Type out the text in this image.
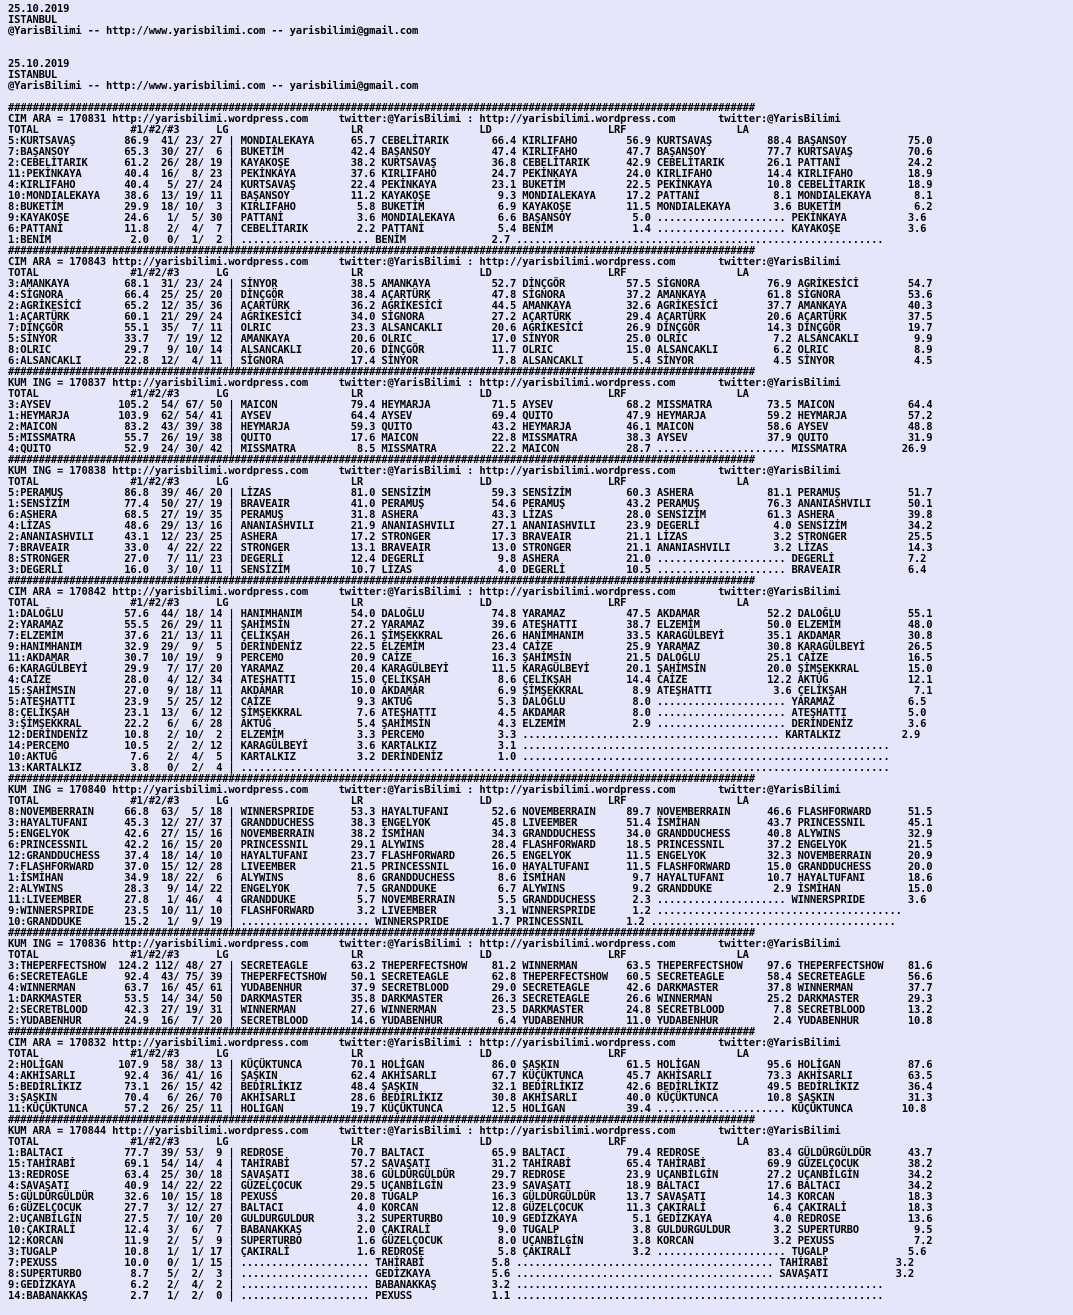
25.10.2019
ISTANBUL
@YarisBilimi -- http://www.yarisbilimi.com -- yarisbilimi@gmail.com

25.10.2019
ISTANBUL
@YarisBilimi -- http://www.yarisbilimi.com -- yarisbilimi@gmail.com

##########################################################################################################################
CIM ARA = 170831 http://yarisbilimi.wordpress.com     twitter:@YarisBilimi : http://yarisbilimi.wordpress.com       twitter:@YarisBilimi
TOTAL               #1/#2/#3      LG                    LR                   LD                   LRF                  LA
5:KURTSAVAŞ        86.9  41/ 23/ 27 | MONDIALEKAYA      65.7 CEBELİTARIK       66.4 KIRLIFAHO        56.9 KURTSAVAŞ         88.4 BAŞANSOY          75.0
7:BAŞANSOY         65.3  30/ 27/  6 | BUKETİM           42.4 BAŞANSOY          47.4 KIRLIFAHO        47.7 BAŞANSOY          77.7 KURTSAVAŞ         70.6
2:CEBELİTARIK      61.2  26/ 28/ 19 | KAYAKOŞE          38.2 KURTSAVAŞ         36.8 CEBELİTARIK      42.9 CEBELİTARIK       26.1 PATTANİ           24.2
11:PEKİNKAYA       40.4  16/  8/ 23 | PEKİNKAYA         37.6 KIRLIFAHO         24.7 PEKİNKAYA        24.0 KIRLIFAHO         14.4 KIRLIFAHO         18.9
4:KIRLIFAHO        40.4   5/ 27/ 24 | KURTSAVAŞ         22.4 PEKİNKAYA         23.1 BUKETİM          22.5 PEKİNKAYA         10.8 CEBELİTARIK       18.9
10:MONDIALEKAYA    38.6  13/ 19/ 11 | BAŞANSOY          11.2 KAYAKOŞE           9.3 MONDIALEKAYA     17.2 PATTANİ            8.1 MONDIALEKAYA       8.1
8:BUKETİM          29.9  18/ 10/  3 | KIRLIFAHO          5.8 BUKETİM            6.9 KAYAKOŞE         11.5 MONDIALEKAYA       3.6 BUKETİM            6.2
9:KAYAKOŞE         24.6   1/  5/ 30 | PATTANİ            3.6 MONDIALEKAYA       6.6 BAŞANSOY          5.0 ..................... PEKİNKAYA          3.6
6:PATTANİ          11.8   2/  4/  7 | CEBELİTARIK        2.2 PATTANİ            5.4 BENİM             1.4 ..................... KAYAKOŞE           3.6
1:BENİM             2.0   0/  1/  2 | ..................... BENİM              2.7 ............................................................
##########################################################################################################################
CIM ARA = 170843 http://yarisbilimi.wordpress.com     twitter:@YarisBilimi : http://yarisbilimi.wordpress.com       twitter:@YarisBilimi
TOTAL               #1/#2/#3      LG                    LR                   LD                   LRF                  LA
3:AMANKAYA         68.1  31/ 23/ 24 | SİNYOR            38.5 AMANKAYA          52.7 DİNÇGÖR          57.5 SİGNORA           76.9 AGRİKESİCİ        54.7
4:SİGNORA          66.4  25/ 25/ 20 | DİNÇGÖR           38.4 AÇARTÜRK          47.8 SİGNORA          37.2 AMANKAYA          61.8 SİGNORA           53.6
2:AGRİKESİCİ       65.2  12/ 35/ 36 | AÇARTÜRK          36.2 AGRİKESİCİ        44.5 AMANKAYA         32.6 AGRİKESİCİ        37.7 AMANKAYA          40.3
1:AÇARTÜRK         60.1  21/ 29/ 24 | AGRİKESİCİ        34.0 SİGNORA           27.2 AÇARTÜRK         29.4 AÇARTÜRK          20.6 AÇARTÜRK          37.5
7:DİNÇGÖR          55.1  35/  7/ 11 | OLRIC             23.3 ALSANCAKLI        20.6 AGRİKESİCİ       26.9 DİNÇGÖR           14.3 DİNÇGÖR           19.7
5:SİNYOR           33.7   7/ 19/ 12 | AMANKAYA          20.6 OLRIC             17.0 SİNYOR           25.0 OLRIC              7.2 ALSANCAKLI         9.9
8:OLRIC            29.7   9/ 10/ 14 | ALSANCAKLI        20.6 DİNÇGÖR           11.7 OLRIC            15.0 ALSANCAKLI         6.2 OLRIC              8.9
6:ALSANCAKLI       22.8  12/  4/ 11 | SİGNORA           17.4 SİNYOR             7.8 ALSANCAKLI        5.4 SİNYOR             4.5 SİNYOR             4.5
##########################################################################################################################
KUM ING = 170837 http://yarisbilimi.wordpress.com     twitter:@YarisBilimi : http://yarisbilimi.wordpress.com       twitter:@YarisBilimi
TOTAL               #1/#2/#3      LG                    LR                   LD                   LRF                  LA
3:AYSEV           105.2  54/ 67/ 50 | MAICON            79.4 HEYMARJA          71.5 AYSEV            68.2 MISSMATRA         73.5 MAICON            64.4
1:HEYMARJA        103.9  62/ 54/ 41 | AYSEV             64.4 AYSEV             69.4 QUITO            47.9 HEYMARJA          59.2 HEYMARJA          57.2
2:MAICON           83.2  43/ 39/ 38 | HEYMARJA          59.3 QUITO             43.2 HEYMARJA         46.1 MAICON            58.6 AYSEV             48.8
5:MISSMATRA        55.7  26/ 19/ 38 | QUITO             17.6 MAICON            22.8 MISSMATRA        38.3 AYSEV             37.9 QUITO             31.9
4:QUITO            52.9  24/ 30/ 42 | MISSMATRA          8.5 MISSMATRA         22.2 MAICON           28.7 ..................... MISSMATRA         26.9
##########################################################################################################################
KUM ING = 170838 http://yarisbilimi.wordpress.com     twitter:@YarisBilimi : http://yarisbilimi.wordpress.com       twitter:@YarisBilimi
TOTAL               #1/#2/#3      LG                    LR                   LD                   LRF                  LA
5:PERAMUŞ          86.8  39/ 46/ 20 | LİZAS             81.0 SENSİZİM          59.3 SENSİZİM         60.3 ASHERA            81.1 PERAMUŞ           51.7
1:SENSİZİM         77.4  50/ 27/ 19 | BRAVEAIR          41.0 PERAMUŞ           54.6 PERAMUŞ          43.2 PERAMUŞ           76.3 ANANIASHVILI      50.1
6:ASHERA           68.5  27/ 19/ 35 | PERAMUŞ           31.8 ASHERA            43.3 LİZAS            28.0 SENSİZİM          61.3 ASHERA            39.8
4:LİZAS            48.6  29/ 13/ 16 | ANANIASHVILI      21.9 ANANIASHVILI      27.1 ANANIASHVILI     23.9 DEGERLİ            4.0 SENSİZİM          34.2
2:ANANIASHVILI     43.1  12/ 23/ 25 | ASHERA            17.2 STRONGER          17.3 BRAVEAIR         21.1 LİZAS              3.2 STRONGER          25.5
7:BRAVEAIR         33.0   4/ 22/ 22 | STRONGER          13.1 BRAVEAIR          13.0 STRONGER         21.1 ANANIASHVILI       3.2 LİZAS             14.3
8:STRONGER         27.0   7/ 11/ 23 | DEGERLİ           12.4 DEGERLİ            9.8 ASHERA           21.0 ..................... DEGERLİ            7.2
3:DEGERLİ          16.0   3/ 10/ 11 | SENSİZİM          10.7 LİZAS              4.0 DEGERLİ          10.5 ..................... BRAVEAIR           6.4
##########################################################################################################################
CIM ARA = 170842 http://yarisbilimi.wordpress.com     twitter:@YarisBilimi : http://yarisbilimi.wordpress.com       twitter:@YarisBilimi
TOTAL               #1/#2/#3      LG                    LR                   LD                   LRF                  LA
1:DALOĞLU          57.6  44/ 18/ 14 | HANIMHANIM        54.0 DALOĞLU           74.8 YARAMAZ          47.5 AKDAMAR           52.2 DALOĞLU           55.1
2:YARAMAZ          55.5  26/ 29/ 11 | ŞAHİMSİN          27.2 YARAMAZ           39.6 ATEŞHATTI        38.7 ELZEMİM           50.0 ELZEMİM           48.0
7:ELZEMİM          37.6  21/ 13/ 11 | ÇELİKŞAH          26.1 ŞİMŞEKKRAL        26.6 HANİMHANIM       33.5 KARAGÜLBEYİ       35.1 AKDAMAR           30.8
9:HANIMHANIM       32.9  29/  9/  5 | DERİNDENİZ        22.5 ELZEMİM           23.4 CAİZE            25.9 YARAMAZ           30.8 KARAGÜLBEYİ       26.5
11:AKDAMAR         30.7  10/ 19/  9 | PERCEMO           20.9 CAİZE             16.3 ŞAHİMSİN         21.5 DALOĞLU           25.1 CAİZE             16.5
6:KARAGÜLBEYİ      29.9   7/ 17/ 20 | YARAMAZ           20.4 KARAGÜLBEYİ       11.5 KARAGÜLBEYİ      20.1 ŞAHİMSİN          20.0 ŞİMŞEKKRAL        15.0
4:CAİZE            28.0   4/ 12/ 34 | ATEŞHATTI         15.0 ÇELİKŞAH           8.6 ÇELİKŞAH         14.4 CAİZE             12.2 AKTUĞ             12.1
15:ŞAHİMSIN        27.0   9/ 18/ 11 | AKDAMAR           10.0 AKDAMAR            6.9 ŞİMŞEKKRAL        8.9 ATEŞHATTI          3.6 ÇELİKŞAH           7.1
5:ATEŞHATTI        23.9   5/ 25/ 12 | CAİZE              9.3 AKTUĞ              5.3 DALOĞLU           8.0 ..................... YARAMAZ            6.5
8:ÇELİKŞAH         23.1  13/  6/ 12 | ŞİMŞEKKRAL         7.6 ATEŞHATTI          4.5 AKDAMAR           8.0 ..................... ATEŞHATTI          5.0
3:ŞİMŞEKKRAL       22.2   6/  6/ 28 | AKTUĞ              5.4 ŞAHİMSİN           4.3 ELZEMİM           2.9 ..................... DERİNDENİZ         3.6
12:DERİNDENİZ      10.8   2/ 10/  2 | ELZEMİM            3.3 PERCEMO            3.3 .......................................... KARTALKIZ          2.9
14:PERCEMO         10.5   2/  2/ 12 | KARAGÜLBEYİ        3.6 KARTALKIZ          3.1 ............................................................
10:AKTUĞ            7.6   2/  4/  5 | KARTALKIZ          3.2 DERİNDENİZ         1.0 ............................................................
13:KARTALKIZ        3.8   0/  2/  4 | ..........................................................................................................
##########################################################################################################################
KUM ING = 170840 http://yarisbilimi.wordpress.com     twitter:@YarisBilimi : http://yarisbilimi.wordpress.com       twitter:@YarisBilimi
TOTAL               #1/#2/#3      LG                    LR                   LD                   LRF                  LA
8:NOVEMBERRAIN     66.8  63/  5/ 18 | WINNERSPRIDE      53.3 HAYALTUFANI       52.6 NOVEMBERRAIN     89.7 NOVEMBERRAIN      46.6 FLASHFORWARD      51.5
3:HAYALTUFANI      45.3  12/ 27/ 37 | GRANDDUCHESS      38.3 ENGELYOK          45.8 LIVEEMBER        51.4 İSMİHAN           43.7 PRINCESSNIL       45.1
5:ENGELYOK         42.6  27/ 15/ 16 | NOVEMBERRAIN      38.2 İSMİHAN           34.3 GRANDDUCHESS     34.0 GRANDDUCHESS      40.8 ALYWINS           32.9
6:PRINCESSNIL      42.2  16/ 15/ 20 | PRINCESSNIL       29.1 ALYWINS           28.4 FLASHFORWARD     18.5 PRINCESSNIL       37.2 ENGELYOK          21.5
12:GRANDDUCHESS    37.4  18/ 14/ 10 | HAYALTUFANI       23.7 FLASHFORWARD      26.5 ENGELYOK         11.5 ENGELYOK          32.3 NOVEMBERRAIN      20.9
7:FLASHFORWARD     37.0  15/ 12/ 28 | LIVEEMBER         21.5 PRINCESSNIL       16.0 HAYALTUFANI      11.5 FLASHFORWARD      15.0 GRANDDUCHESS      20.0
1:İSMİHAN          34.9  18/ 22/  6 | ALYWINS            8.6 GRANDDUCHESS       8.6 İSMİHAN           9.7 HAYALTUFANI       10.7 HAYALTUFANI       18.6
2:ALYWINS          28.3   9/ 14/ 22 | ENGELYOK           7.5 GRANDDUKE          6.7 ALYWINS           9.2 GRANDDUKE          2.9 İSMİHAN           15.0
11:LIVEEMBER       27.8   1/ 46/  4 | GRANDDUKE          5.7 NOVEMBERRAIN       5.5 GRANDDUCHESS      2.3 ..................... WINNERSPRIDE       3.6
9:WINNERSPRIDE     23.5  10/ 11/ 10 | FLASHFORWARD       3.2 LIVEEMBER          3.1 WINNERSPRIDE      1.2 ........................................
10:GRANDDUKE       15.2   1/  9/ 19 | ..................... WINNERSPRIDE       1.7 PRINCESSNIL       1.2 ........................................
##########################################################################################################################
KUM ING = 170836 http://yarisbilimi.wordpress.com     twitter:@YarisBilimi : http://yarisbilimi.wordpress.com       twitter:@YarisBilimi
TOTAL               #1/#2/#3      LG                    LR                   LD                   LRF                  LA
3:THEPERFECTSHOW  124.2 112/ 48/ 27 | SECRETEAGLE       63.2 THEPERFECTSHOW    81.2 WINNERMAN        63.5 THEPERFECTSHOW    97.6 THEPERFECTSHOW    81.6
6:SECRETEAGLE      92.4  43/ 75/ 39 | THEPERFECTSHOW    50.1 SECRETEAGLE       62.8 THEPERFECTSHOW   60.5 SECRETEAGLE       58.4 SECRETEAGLE       56.6
4:WINNERMAN        63.7  16/ 45/ 61 | YUDABENHUR        37.9 SECRETBLOOD       29.0 SECRETEAGLE      42.6 DARKMASTER        37.8 WINNERMAN         37.7
1:DARKMASTER       53.5  14/ 34/ 50 | DARKMASTER        35.8 DARKMASTER        26.3 SECRETEAGLE      26.6 WINNERMAN         25.2 DARKMASTER        29.3
2:SECRETBLOOD      42.3  27/ 19/ 31 | WINNERMAN         27.6 WINNERMAN         23.5 DARKMASTER       24.8 SECRETBLOOD        7.8 SECRETBLOOD       13.2
5:YUDABENHUR       24.9  16/  7/ 20 | SECRETBLOOD       14.6 YUDABENHUR         6.4 YUDABENHUR       11.0 YUDABENHUR         2.4 YUDABENHUR        10.8
##########################################################################################################################
CIM ARA = 170832 http://yarisbilimi.wordpress.com     twitter:@YarisBilimi : http://yarisbilimi.wordpress.com       twitter:@YarisBilimi
TOTAL               #1/#2/#3      LG                    LR                   LD                   LRF                  LA
2:HOLİGAN         107.9  58/ 38/ 13 | KÜÇÜKTUNCA        70.1 HOLİGAN           86.0 ŞAŞKIN           61.5 HOLİGAN           95.6 HOLİGAN           87.6
4:AKHİSARLI        92.4  36/ 41/ 16 | ŞAŞKIN            62.4 AKHİSARLI         67.7 KÜÇÜKTUNCA       45.7 AKHİSARLI         73.3 AKHİSARLI         63.5
5:BEDİRLİKIZ       73.1  26/ 15/ 42 | BEDİRLİKIZ        48.4 ŞAŞKIN            32.1 BEDİRLİKIZ       42.6 BEDİRLİKIZ        49.5 BEDİRLİKIZ        36.4
3:ŞAŞKIN           70.4   6/ 26/ 70 | AKHİSARLI         28.6 BEDİRLİKIZ        30.8 AKHİSARLI        40.0 KÜÇÜKTUNCA        10.8 ŞAŞKIN            31.3
11:KÜÇÜKTUNCA      57.2  26/ 25/ 11 | HOLİGAN           19.7 KÜÇÜKTUNCA        12.5 HOLİGAN          39.4 ..................... KÜÇÜKTUNCA        10.8
##########################################################################################################################
KUM ARA = 170844 http://yarisbilimi.wordpress.com     twitter:@YarisBilimi : http://yarisbilimi.wordpress.com       twitter:@YarisBilimi
TOTAL               #1/#2/#3      LG                    LR                   LD                   LRF                  LA
1:BALTACI          77.7  39/ 53/  9 | REDROSE           70.7 BALTACI           65.9 BALTACI          79.4 REDROSE           83.4 GÜLDÜRGÜLDÜR      43.7
15:TAHİRABİ        69.1  54/ 14/  4 | TAHİRABİ          57.2 SAVAŞATI          31.2 TAHİRABİ         65.4 TAHİRABİ          69.9 GÜZELÇOCUK        38.2
13:REDROSE         63.4  25/ 30/ 18 | SAVAŞATI          38.6 GÜLDÜRGÜLDÜR      29.7 REDROSE          23.9 UÇANBİLGİN        27.2 UÇANBİLGİN        34.2
4:SAVAŞATI         40.9  14/ 22/ 22 | GÜZELÇOCUK        29.5 UÇANBİLGİN        23.9 SAVAŞATI         18.9 BALTACI           17.6 BALTACI           34.2
5:GÜLDÜRGÜLDÜR     32.6  10/ 15/ 18 | PEXUSS            20.8 TUGALP            16.3 GÜLDÜRGÜLDÜR     13.7 SAVAŞATI          14.3 KORCAN            18.3
6:GÜZELÇOCUK       27.7   3/ 12/ 27 | BALTACI            4.0 KORCAN            12.8 GÜZELÇOCUK       11.3 ÇAKIRALİ           6.4 ÇAKIRALİ          18.3
2:UÇANBİLGİN       27.5   7/ 10/ 20 | GULDURGULDUR       3.2 SUPERTURBO        10.9 GEDİZKAYA         5.1 GEDİZKAYA          4.0 REDROSE           13.6
10:ÇAKIRALİ        12.4   3/  6/  7 | BABANAKKAŞ         2.0 ÇAKIRALİ           9.0 TUGALP            3.8 GULDURGULDUR       3.2 SUPERTURBO         9.5
12:KORCAN          11.9   2/  5/  9 | SUPERTURBO         1.6 GÜZELÇOCUK         8.0 UÇANBİLGİN        3.8 KORCAN             3.2 PEXUSS             7.2
3:TUGALP           10.8   1/  1/ 17 | ÇAKIRALİ           1.6 REDROSE            5.8 ÇAKIRALİ          3.2 ..................... TUGALP             5.6
7:PEXUSS           10.0   0/  1/ 15 | ..................... TAHİRABİ           5.8 .......................................... TAHİRABİ           3.2
8:SUPERTURBO        8.7   5/  2/  3 | ..................... GEDİZKAYA          5.6 .......................................... SAVAŞATI           3.2
9:GEDİZKAYA         6.2   2/  4/  2 | ..................... BABANAKKAŞ         3.2 ............................................................
14:BABANAKKAŞ       2.7   1/  2/  0 | ..................... PEXUSS             1.1 ............................................................
